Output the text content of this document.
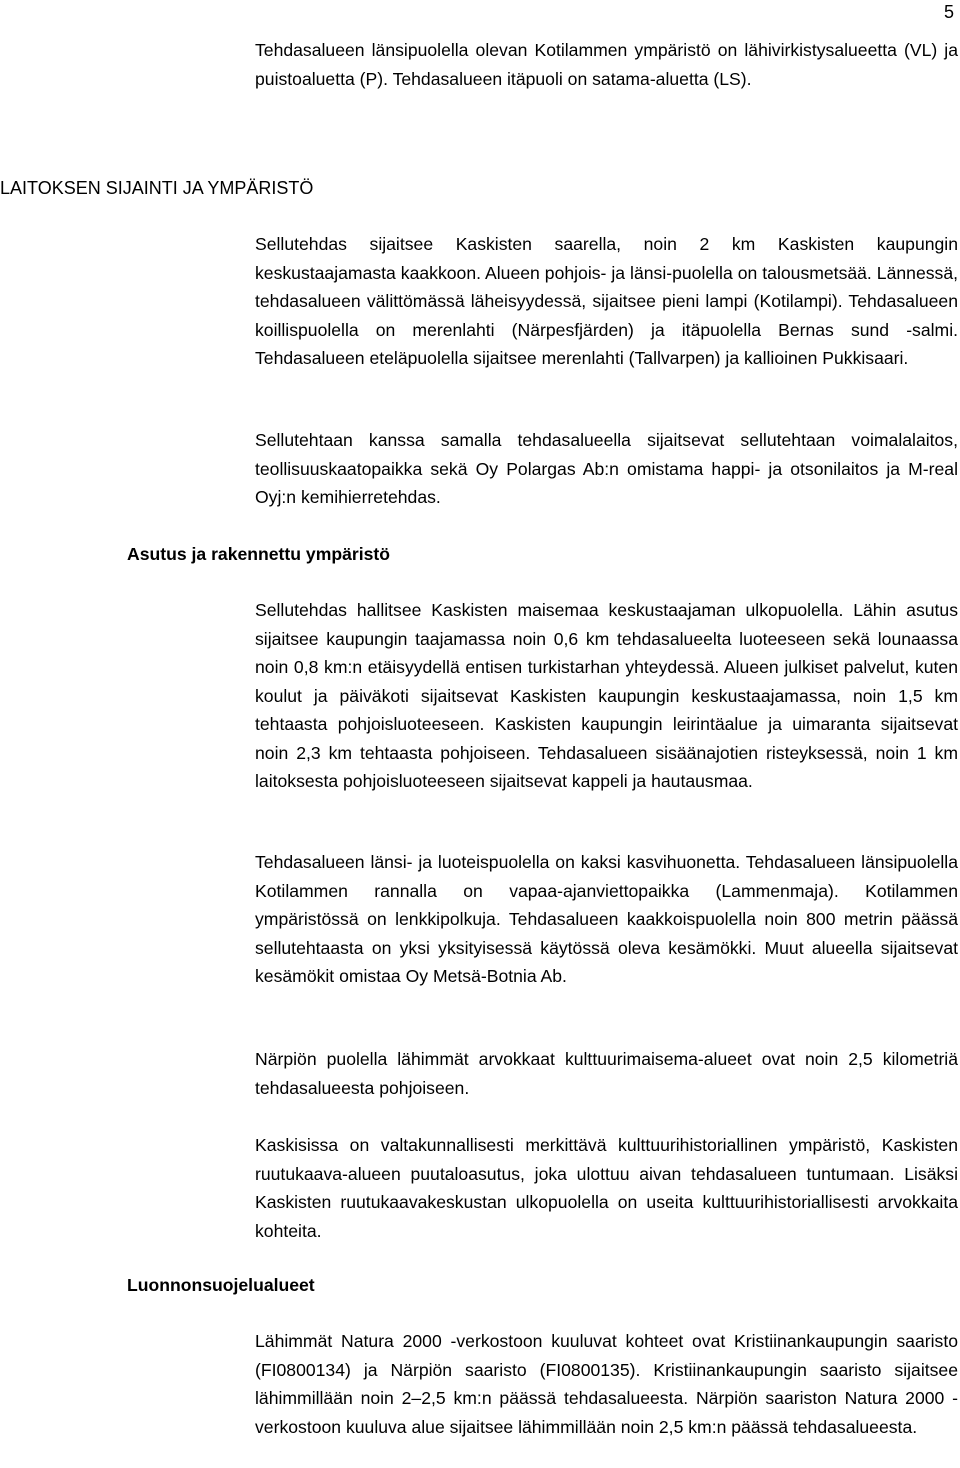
5

Tehdasalueen länsipuolella olevan Kotilammen ympäristö on lähivirkistysalueetta (VL) ja puistoaluetta (P). Tehdasalueen itäpuoli on satama-aluetta (LS).

LAITOKSEN SIJAINTI JA YMPÄRISTÖ

Sellutehdas sijaitsee Kaskisten saarella, noin 2 km Kaskisten kaupungin keskustaajamasta kaakkoon. Alueen pohjois- ja länsi-puolella on talousmetsää. Lännessä, tehdasalueen välittömässä läheisyydessä, sijaitsee pieni lampi (Kotilampi). Tehdasalueen koillispuolella on merenlahti (Närpesfjärden) ja itäpuolella Bernas sund -salmi. Tehdasalueen eteläpuolella sijaitsee merenlahti (Tallvarpen) ja kallioinen Pukkisaari.

Sellutehtaan kanssa samalla tehdasalueella sijaitsevat sellutehtaan voimalalaitos, teollisuuskaatopaikka sekä Oy Polargas Ab:n omistama happi- ja otsonilaitos ja M-real Oyj:n kemihierretehdas.

Asutus ja rakennettu ympäristö

Sellutehdas hallitsee Kaskisten maisemaa keskustaajaman ulkopuolella. Lähin asutus sijaitsee kaupungin taajamassa noin 0,6 km tehdasalueelta luoteeseen sekä lounaassa noin 0,8 km:n etäisyydellä entisen turkistarhan yhteydessä. Alueen julkiset palvelut, kuten koulut ja päiväkoti sijaitsevat Kaskisten kaupungin keskustaajamassa, noin 1,5 km tehtaasta pohjoisluoteeseen. Kaskisten kaupungin leirintäalue ja uimaranta sijaitsevat noin 2,3 km tehtaasta pohjoiseen. Tehdasalueen sisäänajotien risteyksessä, noin 1 km laitoksesta pohjoisluoteeseen sijaitsevat kappeli ja hautausmaa.

Tehdasalueen länsi- ja luoteispuolella on kaksi kasvihuonetta. Tehdasalueen länsipuolella Kotilammen rannalla on vapaa-ajanviettopaikka (Lammenmaja). Kotilammen ympäristössä on lenkkipolkuja. Tehdasalueen kaakkoispuolella noin 800 metrin päässä sellutehtaasta on yksi yksityisessä käytössä oleva kesämökki. Muut alueella sijaitsevat kesämökit omistaa Oy Metsä-Botnia Ab.

Närpiön puolella lähimmät arvokkaat kulttuurimaisema-alueet ovat noin 2,5 kilometriä tehdasalueesta pohjoiseen.

Kaskisissa on valtakunnallisesti merkittävä kulttuurihistoriallinen ympäristö, Kaskisten ruutukaava-alueen puutaloasutus, joka ulottuu aivan tehdasalueen tuntumaan. Lisäksi Kaskisten ruutukaavakeskustan ulkopuolella on useita kulttuurihistoriallisesti arvokkaita kohteita.

Luonnonsuojelualueet

Lähimmät Natura 2000 -verkostoon kuuluvat kohteet ovat Kristiinankaupungin saaristo (FI0800134) ja Närpiön saaristo (FI0800135). Kristiinankaupungin saaristo sijaitsee lähimmillään noin 2–2,5 km:n päässä tehdasalueesta. Närpiön saariston Natura 2000 -verkostoon kuuluva alue sijaitsee lähimmillään noin 2,5 km:n päässä tehdasalueesta.
